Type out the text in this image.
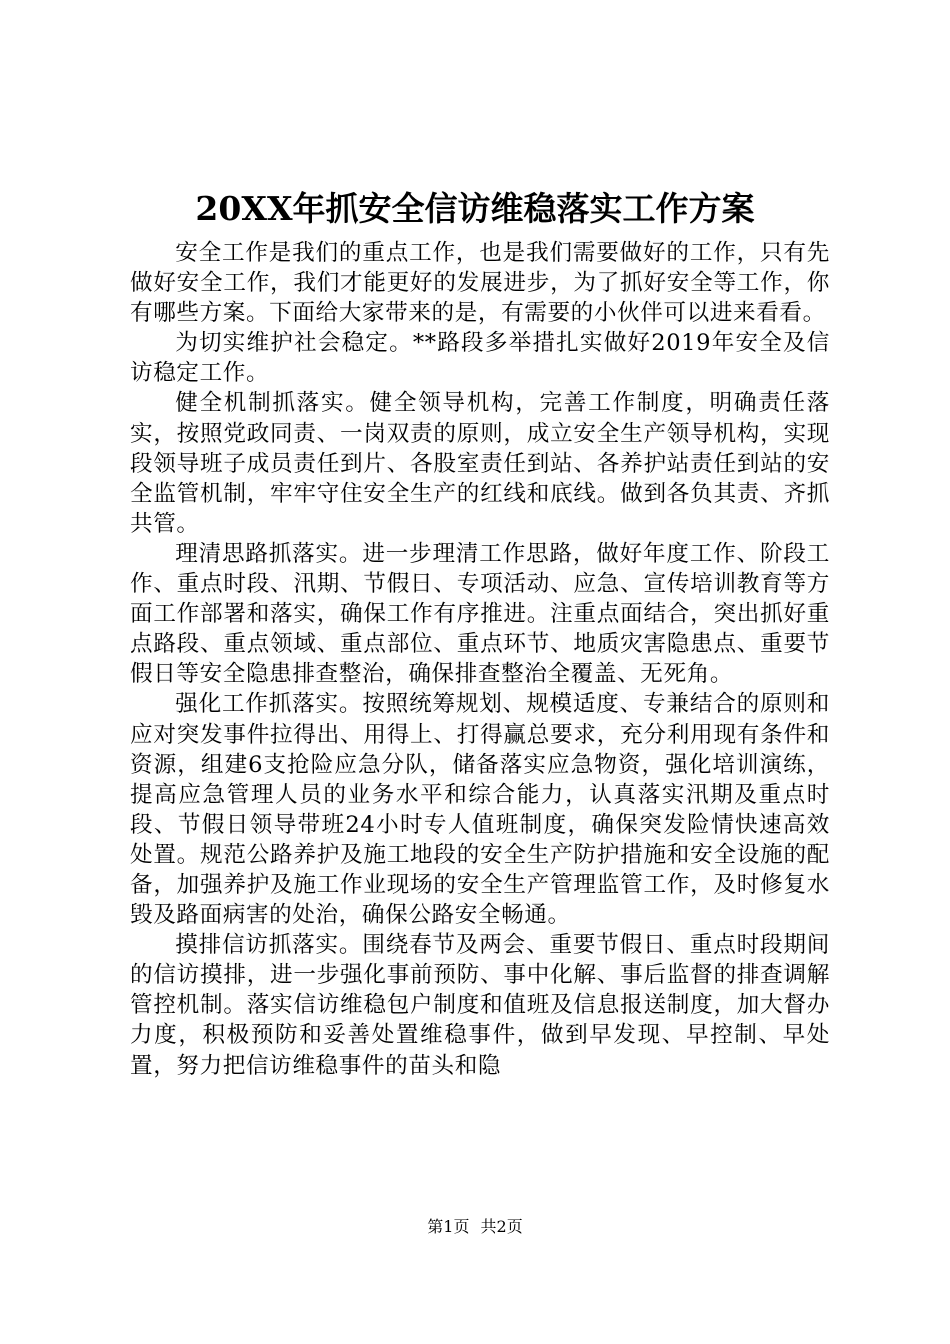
20XX年抓安全信访维稳落实工作方案

安全工作是我们的重点工作，也是我们需要做好的工作，只有先做好安全工作，我们才能更好的发展进步，为了抓好安全等工作，你有哪些方案。下面给大家带来的是，有需要的小伙伴可以进来看看。

为切实维护社会稳定。**路段多举措扎实做好2019年安全及信访稳定工作。

健全机制抓落实。健全领导机构，完善工作制度，明确责任落实，按照党政同责、一岗双责的原则，成立安全生产领导机构，实现段领导班子成员责任到片、各股室责任到站、各养护站责任到站的安全监管机制，牢牢守住安全生产的红线和底线。做到各负其责、齐抓共管。

理清思路抓落实。进一步理清工作思路，做好年度工作、阶段工作、重点时段、汛期、节假日、专项活动、应急、宣传培训教育等方面工作部署和落实，确保工作有序推进。注重点面结合，突出抓好重点路段、重点领域、重点部位、重点环节、地质灾害隐患点、重要节假日等安全隐患排查整治，确保排查整治全覆盖、无死角。

强化工作抓落实。按照统筹规划、规模适度、专兼结合的原则和应对突发事件拉得出、用得上、打得赢总要求，充分利用现有条件和资源，组建6支抢险应急分队，储备落实应急物资，强化培训演练，提高应急管理人员的业务水平和综合能力，认真落实汛期及重点时段、节假日领导带班24小时专人值班制度，确保突发险情快速高效处置。规范公路养护及施工地段的安全生产防护措施和安全设施的配备，加强养护及施工作业现场的安全生产管理监管工作，及时修复水毁及路面病害的处治，确保公路安全畅通。

摸排信访抓落实。围绕春节及两会、重要节假日、重点时段期间的信访摸排，进一步强化事前预防、事中化解、事后监督的排查调解管控机制。落实信访维稳包户制度和值班及信息报送制度，加大督办力度，积极预防和妥善处置维稳事件，做到早发现、早控制、早处置，努力把信访维稳事件的苗头和隐

第1页 共2页
